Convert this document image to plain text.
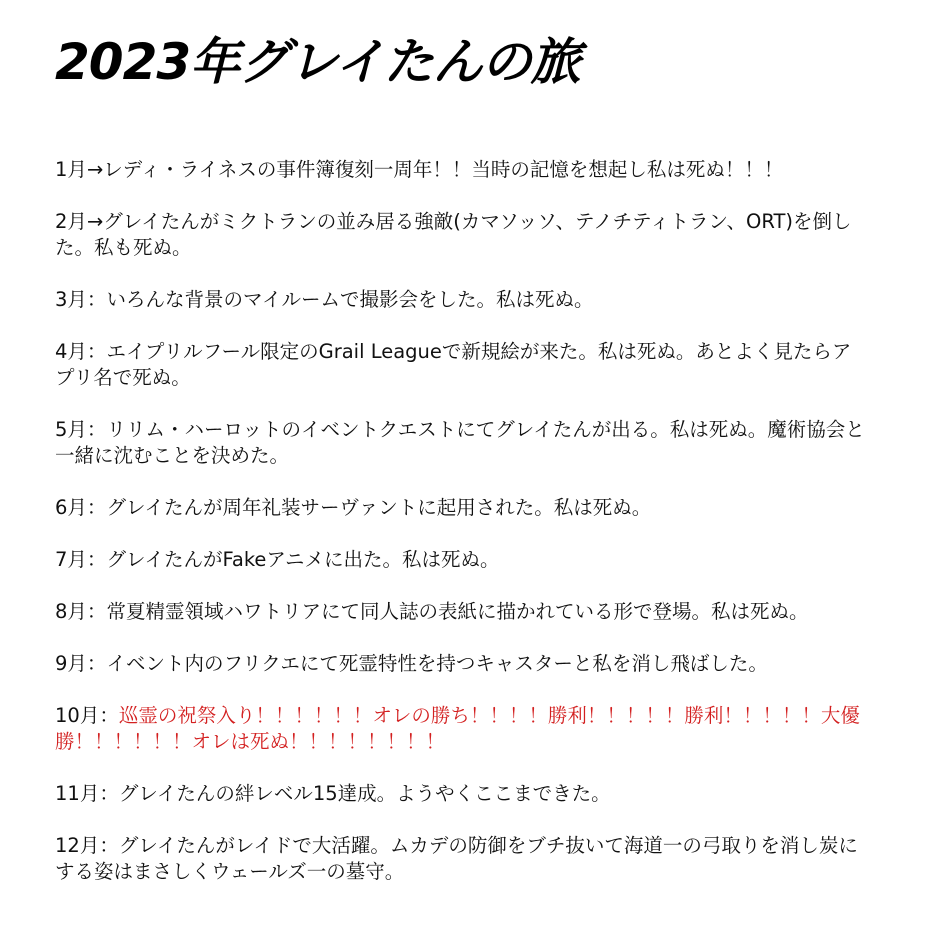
2023年グレイたんの旅
1月→レディ・ライネスの事件簿復刻一周年！！当時の記憶を想起し私は死ぬ！！！
2月→グレイたんがミクトランの並み居る強敵(カマソッソ、テノチティトラン、ORT)を倒した。私も死ぬ。
3月：いろんな背景のマイルームで撮影会をした。私は死ぬ。
4月：エイプリルフール限定のGrail Leagueで新規絵が来た。私は死ぬ。あとよく見たらアプリ名で死ぬ。
5月：リリム・ハーロットのイベントクエストにてグレイたんが出る。私は死ぬ。魔術協会と一緒に沈むことを決めた。
6月：グレイたんが周年礼装サーヴァントに起用された。私は死ぬ。
7月：グレイたんがFakeアニメに出た。私は死ぬ。
8月：常夏精霊領域ハワトリアにて同人誌の表紙に描かれている形で登場。私は死ぬ。
9月：イベント内のフリクエにて死霊特性を持つキャスターと私を消し飛ばした。
10月：巡霊の祝祭入り！！！！！！オレの勝ち！！！！勝利！！！！！勝利！！！！！大優勝！！！！！！オレは死ぬ！！！！！！！！
11月：グレイたんの絆レベル15達成。ようやくここまできた。
12月：グレイたんがレイドで大活躍。ムカデの防御をブチ抜いて海道一の弓取りを消し炭にする姿はまさしくウェールズ一の墓守。
